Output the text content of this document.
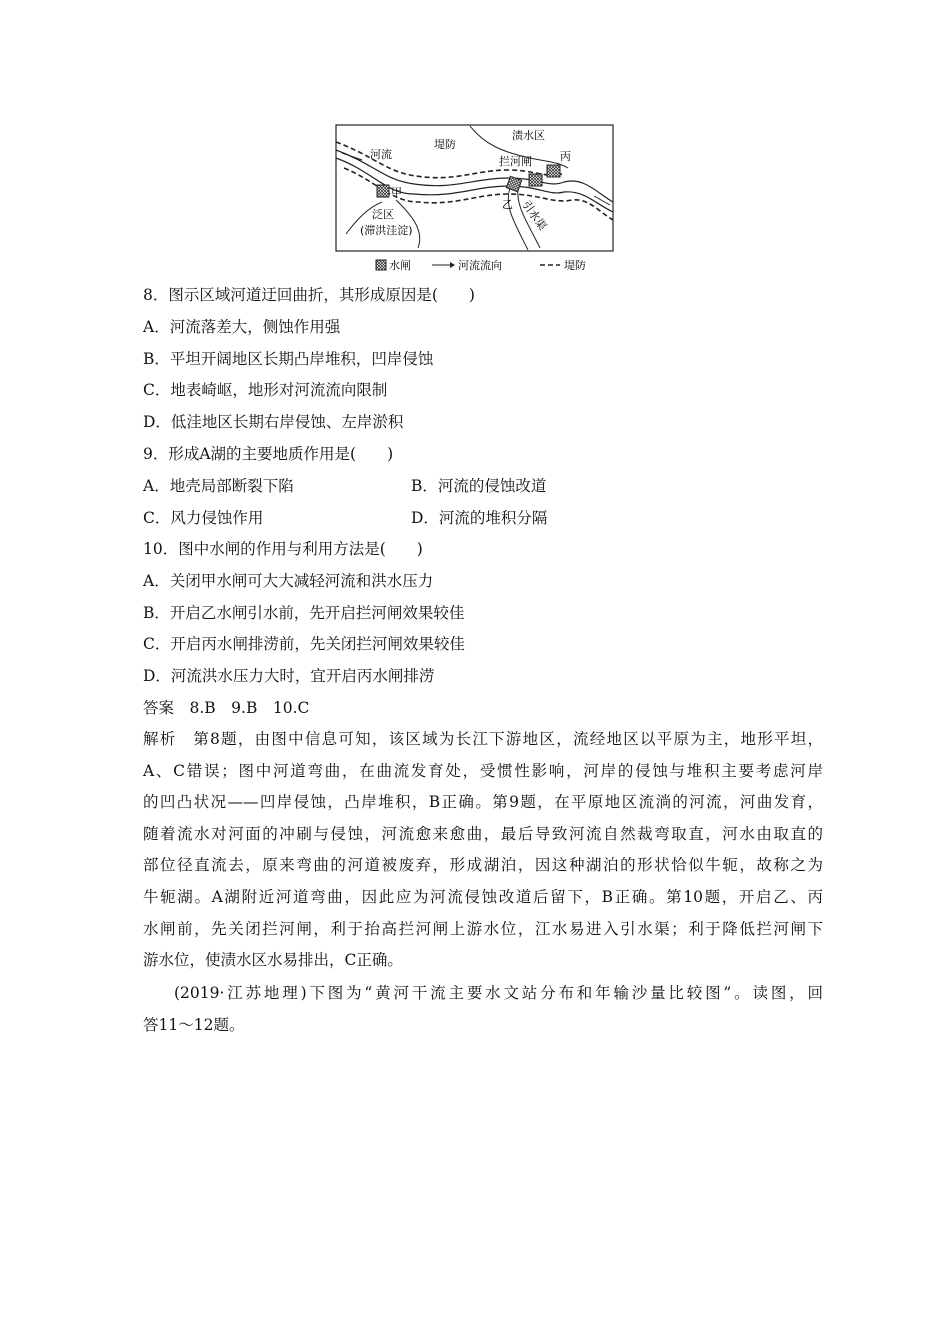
河流
堤防
渍水区
拦河闸	丙
甲
泛区
(滞洪洼淀)
乙 引水渠
水闸	河流流向	堤防
8．图示区域河道迂回曲折，其形成原因是(　　)
A．河流落差大，侧蚀作用强
B．平坦开阔地区长期凸岸堆积，凹岸侵蚀
C．地表崎岖，地形对河流流向限制
D．低洼地区长期右岸侵蚀、左岸淤积
9．形成A湖的主要地质作用是(　　)
A．地壳局部断裂下陷	B．河流的侵蚀改道
C．风力侵蚀作用	D．河流的堆积分隔
10．图中水闸的作用与利用方法是(　　)
A．关闭甲水闸可大大减轻河流和洪水压力
B．开启乙水闸引水前，先开启拦河闸效果较佳
C．开启丙水闸排涝前，先关闭拦河闸效果较佳
D．河流洪水压力大时，宜开启丙水闸排涝
答案　8.B　9.B　10.C
解析　第8题，由图中信息可知，该区域为长江下游地区，流经地区以平原为主，地形平坦，
A、C错误；图中河道弯曲，在曲流发育处，受惯性影响，河岸的侵蚀与堆积主要考虑河岸
的凹凸状况——凹岸侵蚀，凸岸堆积，B正确。第9题，在平原地区流淌的河流，河曲发育，
随着流水对河面的冲刷与侵蚀，河流愈来愈曲，最后导致河流自然裁弯取直，河水由取直的
部位径直流去，原来弯曲的河道被废弃，形成湖泊，因这种湖泊的形状恰似牛轭，故称之为
牛轭湖。A湖附近河道弯曲，因此应为河流侵蚀改道后留下，B正确。第10题，开启乙、丙
水闸前，先关闭拦河闸，利于抬高拦河闸上游水位，江水易进入引水渠；利于降低拦河闸下
游水位，使渍水区水易排出，C正确。
(2019·江苏地理)下图为“黄河干流主要水文站分布和年输沙量比较图”。读图，回
答11～12题。
